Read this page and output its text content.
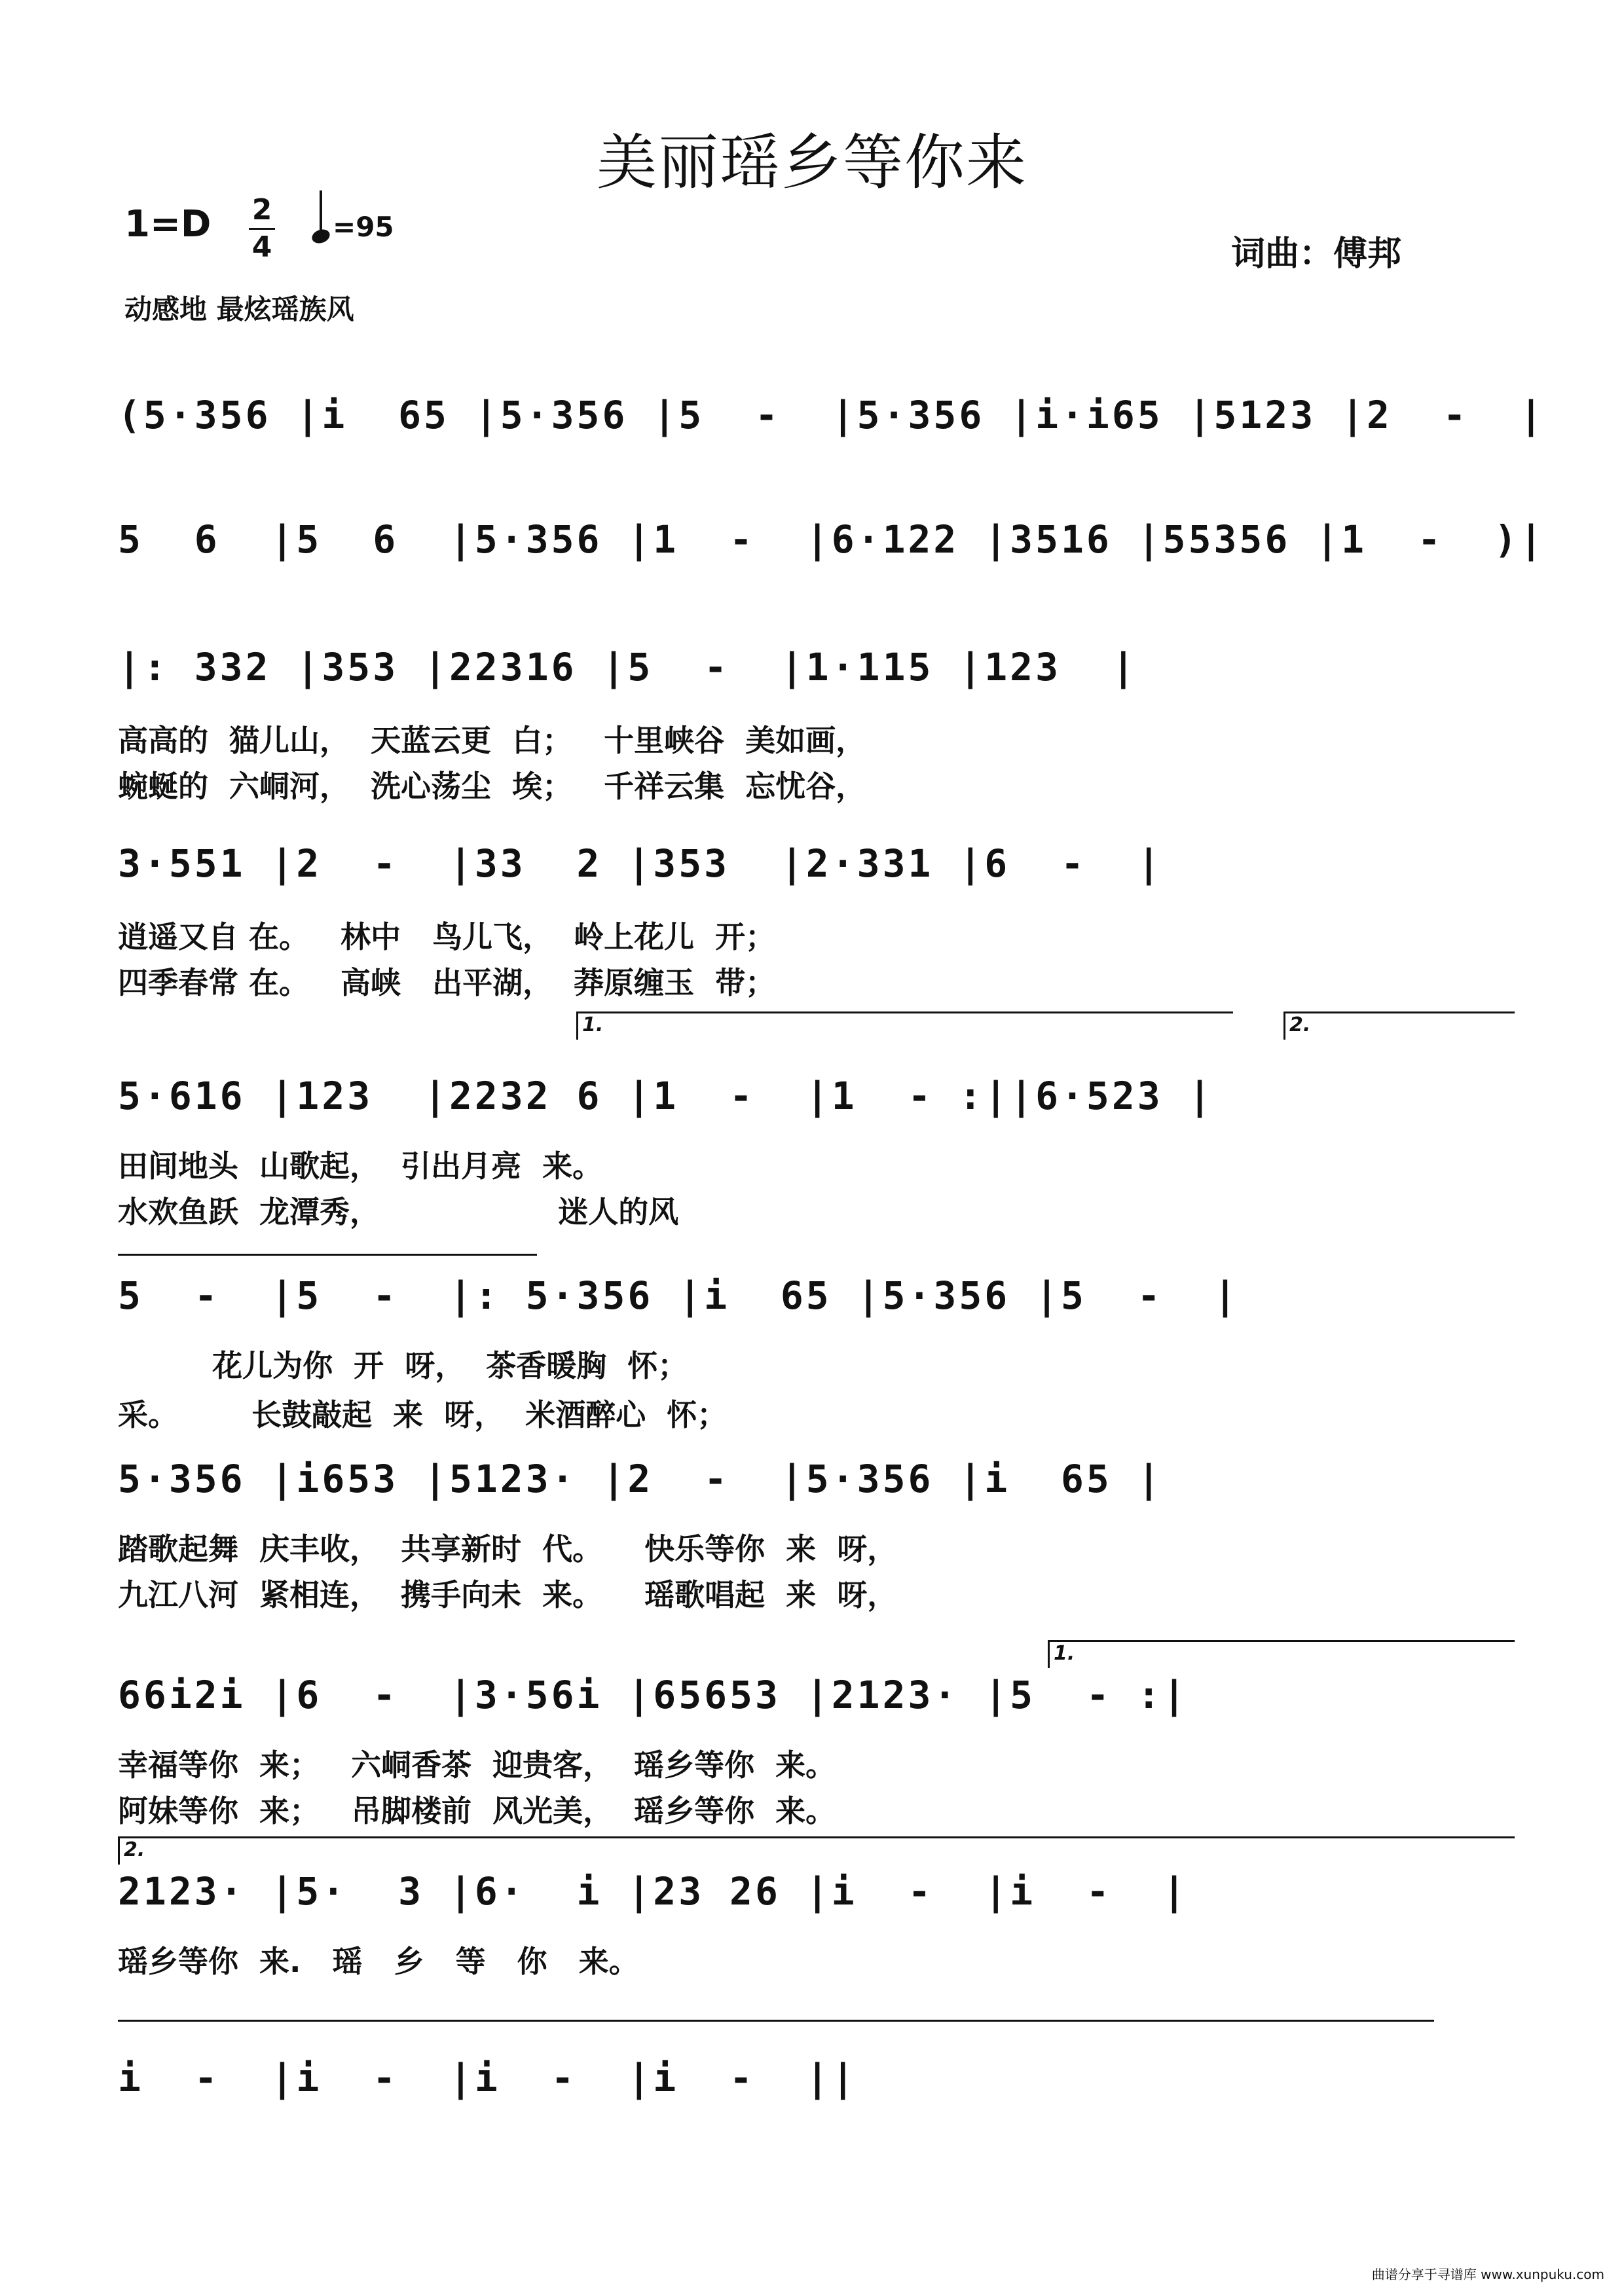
美丽瑶乡等你来
1=D 2
4
=95
词曲：傅邦
动感地 最炫瑶族风
(5·356 |i  65 |5·356 |5  -  |5·356 |i·i65 |5123 |2  -  |
5  6  |5  6  |5·356 |1  -  |6·122 |3516 |55356 |1  -  )|
|: 332 |353 |22316 |5  -  |1·115 |123  |
高高的  猫儿山，  天蓝云更  白；   十里峡谷  美如画，
蜿蜒的  六峒河，  洗心荡尘  埃；   千祥云集  忘忧谷，
3·551 |2  -  |33  2 |353  |2·331 |6  -  |
逍遥又自 在。   林中   鸟儿飞，  岭上花儿  开；
四季春常 在。   高峡   出平湖，  莽原缠玉  带；
1.	2.
5·616 |123  |2232 6 |1  -  |1  - :||6·523 |
田间地头  山歌起，  引出月亮  来。
水欢鱼跃  龙潭秀，                 迷人的风
5  -  |5  -  |: 5·356 |i  65 |5·356 |5  -  |
花儿为你  开  呀，  茶香暖胸  怀；
采。       长鼓敲起  来  呀，  米酒醉心  怀；
5·356 |i653 |5123· |2  -  |5·356 |i  65 |
踏歌起舞  庆丰收，  共享新时  代。    快乐等你  来  呀，
九江八河  紧相连，  携手向未  来。    瑶歌唱起  来  呀，
1.
66i2i |6  -  |3·56i |65653 |2123· |5  - :|
幸福等你  来；   六峒香茶  迎贵客，  瑶乡等你  来。
阿妹等你  来；   吊脚楼前  风光美，  瑶乡等你  来。
2.
2123· |5·  3 |6·  i |23 26 |i  -  |i  -  |
瑶乡等你  来.   瑶   乡   等   你   来。
i  -  |i  -  |i  -  |i  -  ||
曲谱分享于寻谱库 www.xunpuku.com
